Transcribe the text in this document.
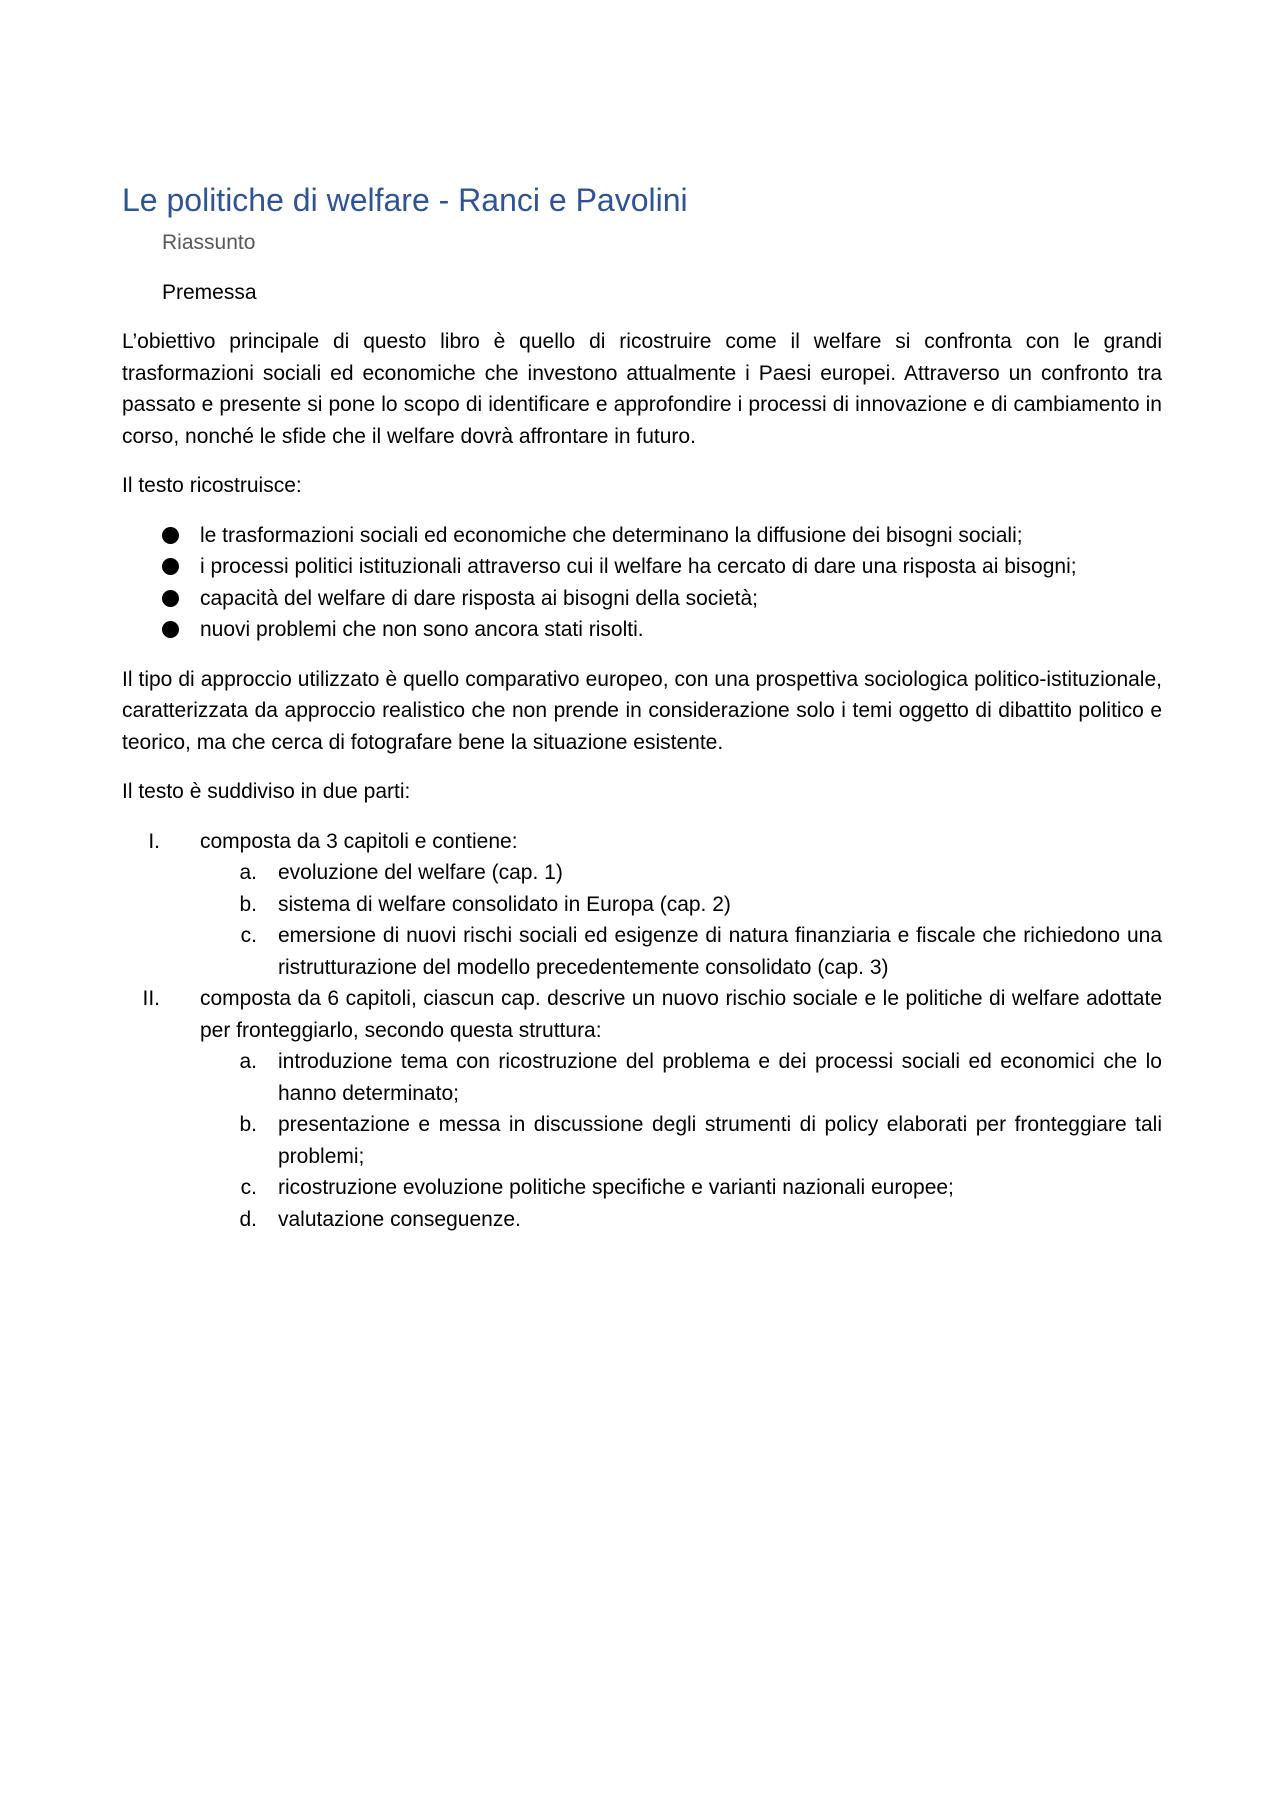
Le politiche di welfare - Ranci e Pavolini
Riassunto
Premessa

L’obiettivo principale di questo libro è quello di ricostruire come il welfare si confronta con le grandi trasformazioni sociali ed economiche che investono attualmente i Paesi europei. Attraverso un confronto tra passato e presente si pone lo scopo di identificare e approfondire i processi di innovazione e di cambiamento in corso, nonché le sfide che il welfare dovrà affrontare in futuro.

Il testo ricostruisce:

le trasformazioni sociali ed economiche che determinano la diffusione dei bisogni sociali;
i processi politici istituzionali attraverso cui il welfare ha cercato di dare una risposta ai bisogni;
capacità del welfare di dare risposta ai bisogni della società;
nuovi problemi che non sono ancora stati risolti.

Il tipo di approccio utilizzato è quello comparativo europeo, con una prospettiva sociologica politico-istituzionale, caratterizzata da approccio realistico che non prende in considerazione solo i temi oggetto di dibattito politico e teorico, ma che cerca di fotografare bene la situazione esistente.

Il testo è suddiviso in due parti:

I. composta da 3 capitoli e contiene:
a. evoluzione del welfare (cap. 1)
b. sistema di welfare consolidato in Europa (cap. 2)
c. emersione di nuovi rischi sociali ed esigenze di natura finanziaria e fiscale che richiedono una ristrutturazione del modello precedentemente consolidato (cap. 3)
II. composta da 6 capitoli, ciascun cap. descrive un nuovo rischio sociale e le politiche di welfare adottate per fronteggiarlo, secondo questa struttura:
a. introduzione tema con ricostruzione del problema e dei processi sociali ed economici che lo hanno determinato;
b. presentazione e messa in discussione degli strumenti di policy elaborati per fronteggiare tali problemi;
c. ricostruzione evoluzione politiche specifiche e varianti nazionali europee;
d. valutazione conseguenze.
